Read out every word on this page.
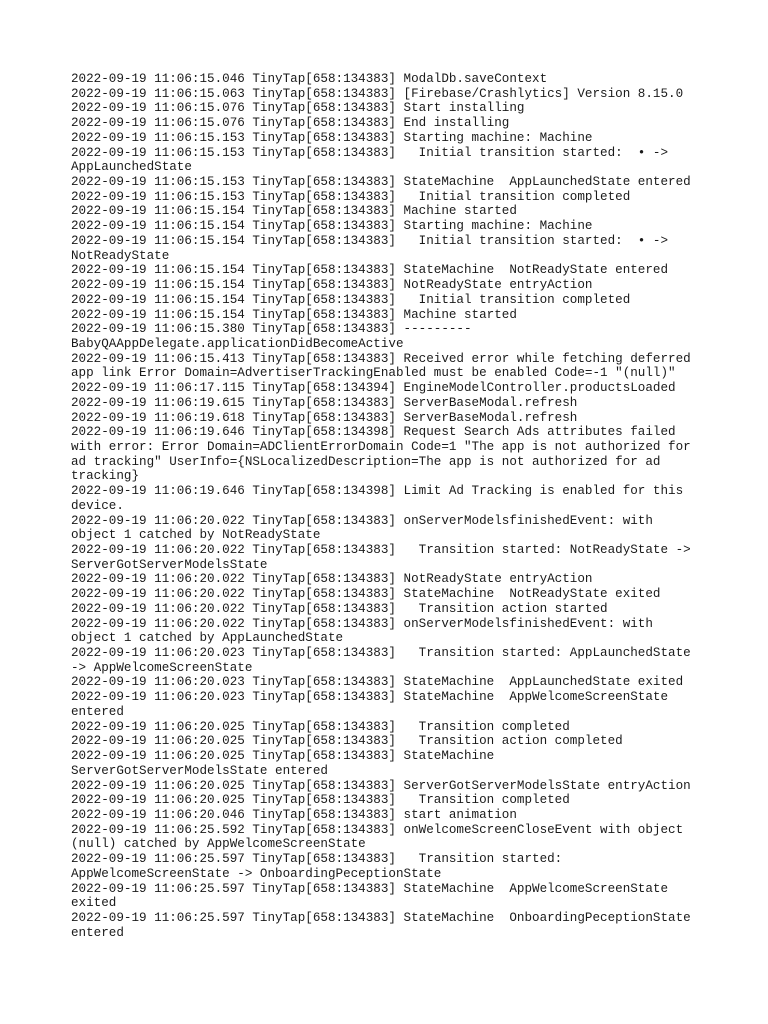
2022-09-19 11:06:15.046 TinyTap[658:134383] ModalDb.saveContext
2022-09-19 11:06:15.063 TinyTap[658:134383] [Firebase/Crashlytics] Version 8.15.0
2022-09-19 11:06:15.076 TinyTap[658:134383] Start installing
2022-09-19 11:06:15.076 TinyTap[658:134383] End installing
2022-09-19 11:06:15.153 TinyTap[658:134383] Starting machine: Machine
2022-09-19 11:06:15.153 TinyTap[658:134383]   Initial transition started:  • ->
AppLaunchedState
2022-09-19 11:06:15.153 TinyTap[658:134383] StateMachine  AppLaunchedState entered
2022-09-19 11:06:15.153 TinyTap[658:134383]   Initial transition completed
2022-09-19 11:06:15.154 TinyTap[658:134383] Machine started
2022-09-19 11:06:15.154 TinyTap[658:134383] Starting machine: Machine
2022-09-19 11:06:15.154 TinyTap[658:134383]   Initial transition started:  • ->
NotReadyState
2022-09-19 11:06:15.154 TinyTap[658:134383] StateMachine  NotReadyState entered
2022-09-19 11:06:15.154 TinyTap[658:134383] NotReadyState entryAction
2022-09-19 11:06:15.154 TinyTap[658:134383]   Initial transition completed
2022-09-19 11:06:15.154 TinyTap[658:134383] Machine started
2022-09-19 11:06:15.380 TinyTap[658:134383] ---------
BabyQAAppDelegate.applicationDidBecomeActive
2022-09-19 11:06:15.413 TinyTap[658:134383] Received error while fetching deferred
app link Error Domain=AdvertiserTrackingEnabled must be enabled Code=-1 "(null)"
2022-09-19 11:06:17.115 TinyTap[658:134394] EngineModelController.productsLoaded
2022-09-19 11:06:19.615 TinyTap[658:134383] ServerBaseModal.refresh
2022-09-19 11:06:19.618 TinyTap[658:134383] ServerBaseModal.refresh
2022-09-19 11:06:19.646 TinyTap[658:134398] Request Search Ads attributes failed
with error: Error Domain=ADClientErrorDomain Code=1 "The app is not authorized for
ad tracking" UserInfo={NSLocalizedDescription=The app is not authorized for ad
tracking}
2022-09-19 11:06:19.646 TinyTap[658:134398] Limit Ad Tracking is enabled for this
device.
2022-09-19 11:06:20.022 TinyTap[658:134383] onServerModelsfinishedEvent: with
object 1 catched by NotReadyState
2022-09-19 11:06:20.022 TinyTap[658:134383]   Transition started: NotReadyState ->
ServerGotServerModelsState
2022-09-19 11:06:20.022 TinyTap[658:134383] NotReadyState entryAction
2022-09-19 11:06:20.022 TinyTap[658:134383] StateMachine  NotReadyState exited
2022-09-19 11:06:20.022 TinyTap[658:134383]   Transition action started
2022-09-19 11:06:20.022 TinyTap[658:134383] onServerModelsfinishedEvent: with
object 1 catched by AppLaunchedState
2022-09-19 11:06:20.023 TinyTap[658:134383]   Transition started: AppLaunchedState
-> AppWelcomeScreenState
2022-09-19 11:06:20.023 TinyTap[658:134383] StateMachine  AppLaunchedState exited
2022-09-19 11:06:20.023 TinyTap[658:134383] StateMachine  AppWelcomeScreenState
entered
2022-09-19 11:06:20.025 TinyTap[658:134383]   Transition completed
2022-09-19 11:06:20.025 TinyTap[658:134383]   Transition action completed
2022-09-19 11:06:20.025 TinyTap[658:134383] StateMachine
ServerGotServerModelsState entered
2022-09-19 11:06:20.025 TinyTap[658:134383] ServerGotServerModelsState entryAction
2022-09-19 11:06:20.025 TinyTap[658:134383]   Transition completed
2022-09-19 11:06:20.046 TinyTap[658:134383] start animation
2022-09-19 11:06:25.592 TinyTap[658:134383] onWelcomeScreenCloseEvent with object
(null) catched by AppWelcomeScreenState
2022-09-19 11:06:25.597 TinyTap[658:134383]   Transition started:
AppWelcomeScreenState -> OnboardingPeceptionState
2022-09-19 11:06:25.597 TinyTap[658:134383] StateMachine  AppWelcomeScreenState
exited
2022-09-19 11:06:25.597 TinyTap[658:134383] StateMachine  OnboardingPeceptionState
entered
